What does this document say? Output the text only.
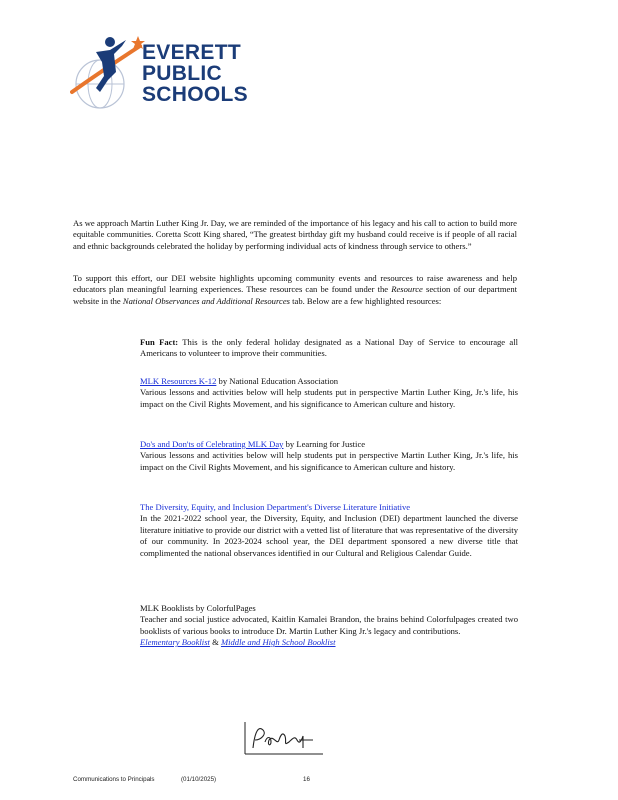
EVERETT
PUBLIC
SCHOOLS
As we approach Martin Luther King Jr. Day, we are reminded of the importance of his legacy and his call to action to build more equitable communities. Coretta Scott King shared, “The greatest birthday gift my husband could receive is if people of all racial and ethnic backgrounds celebrated the holiday by performing individual acts of kindness through service to others.”
To support this effort, our DEI website highlights upcoming community events and resources to raise awareness and help educators plan meaningful learning experiences. These resources can be found under the Resource section of our department website in the National Observances and Additional Resources tab. Below are a few highlighted resources:
Fun Fact: This is the only federal holiday designated as a National Day of Service to encourage all Americans to volunteer to improve their communities.
MLK Resources K-12 by National Education Association
Various lessons and activities below will help students put in perspective Martin Luther King, Jr.'s life, his impact on the Civil Rights Movement, and his significance to American culture and history.
Do's and Don'ts of Celebrating MLK Day by Learning for Justice
Various lessons and activities below will help students put in perspective Martin Luther King, Jr.'s life, his impact on the Civil Rights Movement, and his significance to American culture and history.
The Diversity, Equity, and Inclusion Department's Diverse Literature Initiative
In the 2021-2022 school year, the Diversity, Equity, and Inclusion (DEI) department launched the diverse literature initiative to provide our district with a vetted list of literature that was representative of the diversity of our community. In 2023-2024 school year, the DEI department sponsored a new diverse title that complimented the national observances identified in our Cultural and Religious Calendar Guide.
MLK Booklists by ColorfulPages
Teacher and social justice advocated, Kaitlin Kamalei Brandon, the brains behind Colorfulpages created two booklists of various books to introduce Dr. Martin Luther King Jr.'s legacy and contributions.
Elementary Booklist & Middle and High School Booklist
Communications to Principals	(01/10/2025)	16
